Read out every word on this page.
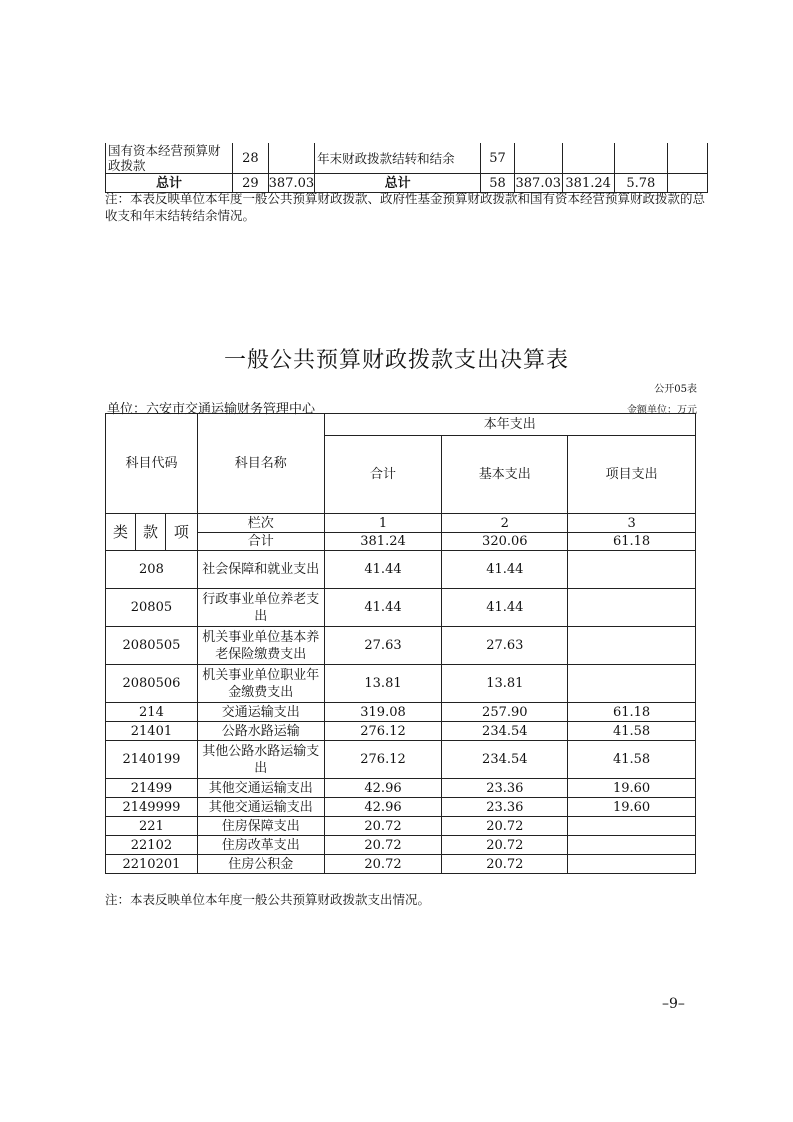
国有资本经营预算财政拨款	28		年末财政拨款结转和结余	57				
总计	29	387.03	总计	58	387.03	381.24	5.78	
注：本表反映单位本年度一般公共预算财政拨款、政府性基金预算财政拨款和国有资本经营预算财政拨款的总收支和年末结转结余情况。
一般公共预算财政拨款支出决算表
公开05表
单位：六安市交通运输财务管理中心	金额单位：万元
科目代码			科目名称	本年支出		
				合计	基本支出	项目支出
类	款	项	栏次	1	2	3
			合计	381.24	320.06	61.18
208			社会保障和就业支出	41.44	41.44	
20805			行政事业单位养老支出	41.44	41.44	
2080505			机关事业单位基本养老保险缴费支出	27.63	27.63	
2080506			机关事业单位职业年金缴费支出	13.81	13.81	
214			交通运输支出	319.08	257.90	61.18
21401			公路水路运输	276.12	234.54	41.58
2140199			其他公路水路运输支出	276.12	234.54	41.58
21499			其他交通运输支出	42.96	23.36	19.60
2149999			其他交通运输支出	42.96	23.36	19.60
221			住房保障支出	20.72	20.72	
22102			住房改革支出	20.72	20.72	
2210201			住房公积金	20.72	20.72	
注：本表反映单位本年度一般公共预算财政拨款支出情况。
–9–
